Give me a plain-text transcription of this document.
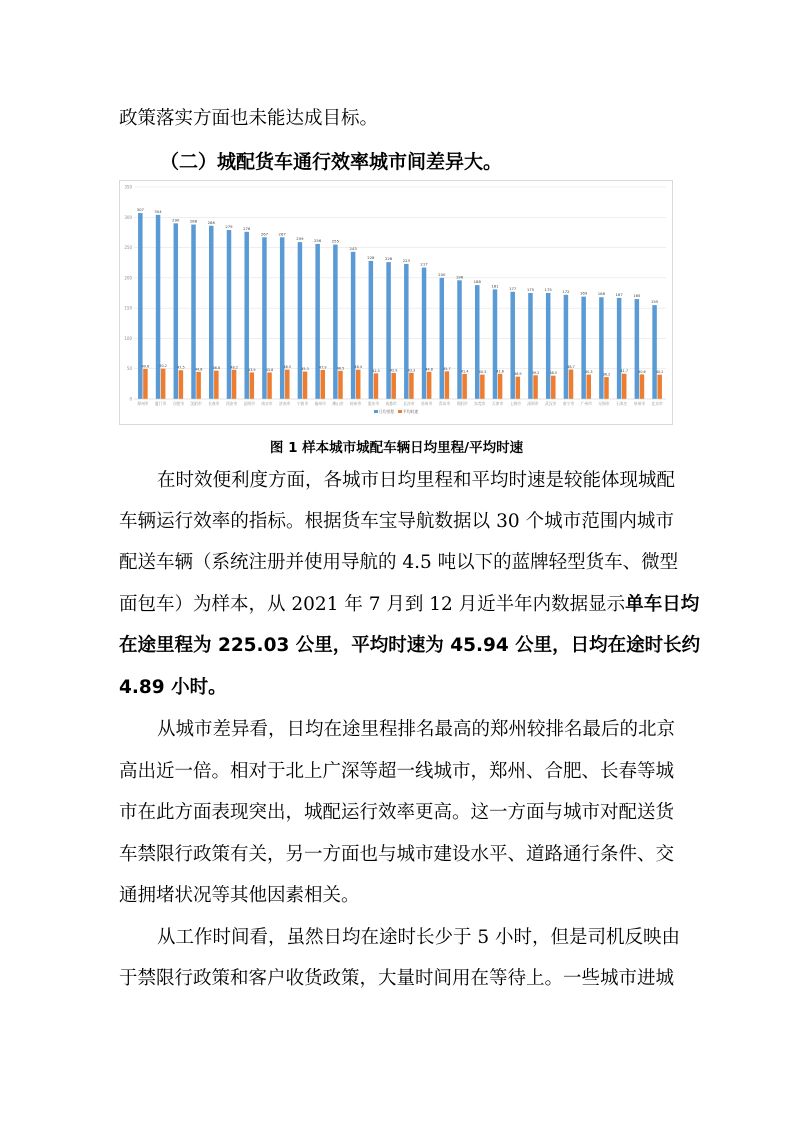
政策落实方面也未能达成目标。
（二）城配货车通行效率城市间差异大。
0
50
100
150
200
250
300
350
307
49.6
郑州市
304
50.2
厦门市
290
47.5
合肥市
288
44.8
沈阳市
286
46.8
长春市
279
48.2
西安市
276
43.9
昆明市
267
43.8
南京市
267
48.5
济南市
259
45.3
宁波市
256
47.9
福州市
255
46.5
佛山市
243
48.4
杭州市
228
42.3
重庆市
226
42.9
成都市
223
43.3
长沙市
217
44.8
苏州市
200
45.7
青岛市
196
41.4
贵阳市
188
40.3
东莞市
181
41.6
天津市
177
36.9
上海市
175
39.2
深圳市
175
38.5
武汉市
172
48.7
南宁市
169
40.3
广州市
168
36.2
无锡市
167
41.7
石家庄
165
40.6
泉州市
155
40.2
北京市
日均里程 平均时速
图 1 样本城市城配车辆日均里程/平均时速
在时效便利度方面，各城市日均里程和平均时速是较能体现城配
车辆运行效率的指标。根据货车宝导航数据以 30 个城市范围内城市
配送车辆（系统注册并使用导航的 4.5 吨以下的蓝牌轻型货车、微型
面包车）为样本，从 2021 年 7 月到 12 月近半年内数据显示单车日均
在途里程为 225.03 公里，平均时速为 45.94 公里，日均在途时长约
4.89 小时。
从城市差异看，日均在途里程排名最高的郑州较排名最后的北京
高出近一倍。相对于北上广深等超一线城市，郑州、合肥、长春等城
市在此方面表现突出，城配运行效率更高。这一方面与城市对配送货
车禁限行政策有关，另一方面也与城市建设水平、道路通行条件、交
通拥堵状况等其他因素相关。
从工作时间看，虽然日均在途时长少于 5 小时，但是司机反映由
于禁限行政策和客户收货政策，大量时间用在等待上。一些城市进城
